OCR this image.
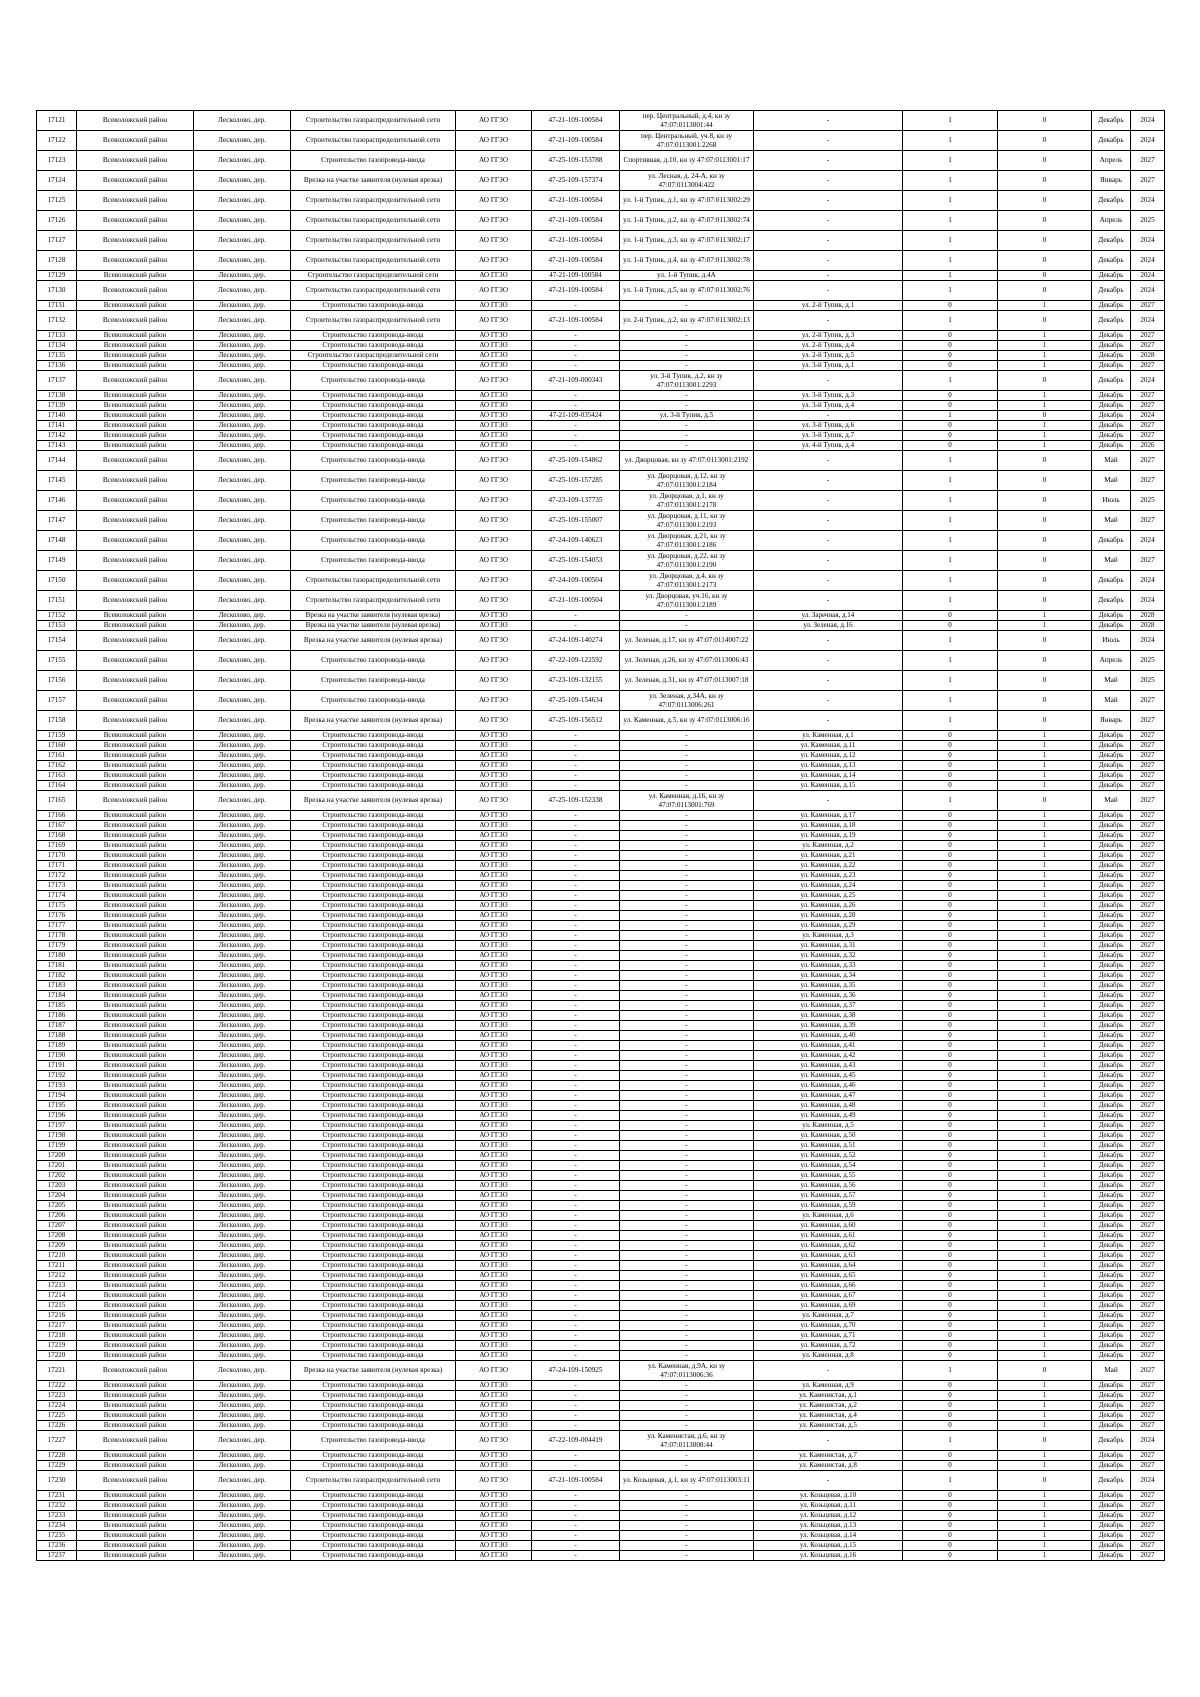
17121	Всеволожский район	Лесколово, дер.	Строительство газораспределительной сети	АО ГГЗО	47-21-109-100584	пер. Центральный, д.4, кн зу 47:07:0113001:44	-	1	0	Декабрь	2024
17122	Всеволожский район	Лесколово, дер.	Строительство газораспределительной сети	АО ГГЗО	47-21-109-100584	пер. Центральный, уч.8, кн зу 47:07:0113001:2268	-	1	0	Декабрь	2024
17123	Всеволожский район	Лесколово, дер.	Строительство газопровода-ввода	АО ГГЗО	47-25-109-153788	Спортивная, д.10, кн зу 47:07:0113001:17	-	1	0	Апрель	2027
17124	Всеволожский район	Лесколово, дер.	Врезка на участке заявителя (нулевая врезка)	АО ГГЗО	47-25-109-157374	ул. Лесная, д. 24-А, кн зу 47:07:0113004:422	-	1	0	Январь	2027
17125	Всеволожский район	Лесколово, дер.	Строительство газораспределительной сети	АО ГГЗО	47-21-109-100584	ул. 1-й Тупик, д.1, кн зу 47:07:0113002:29	-	1	0	Декабрь	2024
17126	Всеволожский район	Лесколово, дер.	Строительство газораспределительной сети	АО ГГЗО	47-21-109-100584	ул. 1-й Тупик, д.2, кн зу 47:07:0113002:74	-	1	0	Апрель	2025
17127	Всеволожский район	Лесколово, дер.	Строительство газораспределительной сети	АО ГГЗО	47-21-109-100584	ул. 1-й Тупик, д.3, кн зу 47:07:0113002:17	-	1	0	Декабрь	2024
17128	Всеволожский район	Лесколово, дер.	Строительство газораспределительной сети	АО ГГЗО	47-21-109-100584	ул. 1-й Тупик, д.4, кн зу 47:07:0113002:78	-	1	0	Декабрь	2024
17129	Всеволожский район	Лесколово, дер.	Строительство газораспределительной сети	АО ГГЗО	47-21-109-100584	ул. 1-й Тупик, д.4А	-	1	0	Декабрь	2024
17130	Всеволожский район	Лесколово, дер.	Строительство газораспределительной сети	АО ГГЗО	47-21-109-100584	ул. 1-й Тупик, д.5, кн зу 47:07:0113002:76	-	1	0	Декабрь	2024
17131	Всеволожский район	Лесколово, дер.	Строительство газопровода-ввода	АО ГГЗО	-	-	ул. 2-й Тупик, д.1	0	1	Декабрь	2027
17132	Всеволожский район	Лесколово, дер.	Строительство газораспределительной сети	АО ГГЗО	47-21-109-100584	ул. 2-й Тупик, д.2, кн зу 47:07:0113002:13	-	1	0	Декабрь	2024
17133	Всеволожский район	Лесколово, дер.	Строительство газопровода-ввода	АО ГГЗО	-	-	ул. 2-й Тупик, д.3	0	1	Декабрь	2027
17134	Всеволожский район	Лесколово, дер.	Строительство газопровода-ввода	АО ГГЗО	-	-	ул. 2-й Тупик, д.4	0	1	Декабрь	2027
17135	Всеволожский район	Лесколово, дер.	Строительство газораспределительной сети	АО ГГЗО	-	-	ул. 2-й Тупик, д.5	0	1	Декабрь	2028
17136	Всеволожский район	Лесколово, дер.	Строительство газопровода-ввода	АО ГГЗО	-	-	ул. 3-й Тупик, д.1	0	1	Декабрь	2027
17137	Всеволожский район	Лесколово, дер.	Строительство газопровода-ввода	АО ГГЗО	47-21-109-000343	ул. 3-й Тупик, д.2, кн зу 47:07:0113001:2293	-	1	0	Декабрь	2024
17138	Всеволожский район	Лесколово, дер.	Строительство газопровода-ввода	АО ГГЗО	-	-	ул. 3-й Тупик, д.3	0	1	Декабрь	2027
17139	Всеволожский район	Лесколово, дер.	Строительство газопровода-ввода	АО ГГЗО	-	-	ул. 3-й Тупик, д.4	0	1	Декабрь	2027
17140	Всеволожский район	Лесколово, дер.	Строительство газопровода-ввода	АО ГГЗО	47-21-109-035424	ул. 3-й Тупик, д.5	-	1	0	Декабрь	2024
17141	Всеволожский район	Лесколово, дер.	Строительство газопровода-ввода	АО ГГЗО	-	-	ул. 3-й Тупик, д.6	0	1	Декабрь	2027
17142	Всеволожский район	Лесколово, дер.	Строительство газопровода-ввода	АО ГГЗО	-	-	ул. 3-й Тупик, д.7	0	1	Декабрь	2027
17143	Всеволожский район	Лесколово, дер.	Строительство газопровода-ввода	АО ГГЗО	-	-	ул. 4-й Тупик, д.4	0	1	Декабрь	2026
17144	Всеволожский район	Лесколово, дер.	Строительство газопровода-ввода	АО ГГЗО	47-25-109-154862	ул. Дворцовая, кн зу 47:07:0113001:2192	-	1	0	Май	2027
17145	Всеволожский район	Лесколово, дер.	Строительство газопровода-ввода	АО ГГЗО	47-25-109-157285	ул. Дворцовая, д.12, кн зу 47:07:0113001:2184	-	1	0	Май	2027
17146	Всеволожский район	Лесколово, дер.	Строительство газопровода-ввода	АО ГГЗО	47-23-109-137735	ул. Дворцовая, д.1, кн зу 47:07:0113001:2178	-	1	0	Июль	2025
17147	Всеволожский район	Лесколово, дер.	Строительство газопровода-ввода	АО ГГЗО	47-25-109-155007	ул. Дворцовая, д.11, кн зу 47:07:0113001:2193	-	1	0	Май	2027
17148	Всеволожский район	Лесколово, дер.	Строительство газопровода-ввода	АО ГГЗО	47-24-109-140623	ул. Дворцовая, д.21, кн зу 47:07:0113001:2186	-	1	0	Декабрь	2024
17149	Всеволожский район	Лесколово, дер.	Строительство газопровода-ввода	АО ГГЗО	47-25-109-154053	ул. Дворцовая, д.22, кн зу 47:07:0113001:2190	-	1	0	Май	2027
17150	Всеволожский район	Лесколово, дер.	Строительство газораспределительной сети	АО ГГЗО	47-24-109-100504	ул. Дворцовая, д.4, кн зу 47:07:0113001:2173	-	1	0	Декабрь	2024
17151	Всеволожский район	Лесколово, дер.	Строительство газораспределительной сети	АО ГГЗО	47-21-109-100504	ул. Дворцовая, уч.16, кн зу 47:07:0113001:2189	-	1	0	Декабрь	2024
17152	Всеволожский район	Лесколово, дер.	Врезка на участке заявителя (нулевая врезка)	АО ГГЗО	-	-	ул. Заречная, д.14	0	1	Декабрь	2028
17153	Всеволожский район	Лесколово, дер.	Врезка на участке заявителя (нулевая врезка)	АО ГГЗО	-	-	ул. Зеленая, д.16	0	1	Декабрь	2028
17154	Всеволожский район	Лесколово, дер.	Врезка на участке заявителя (нулевая врезка)	АО ГГЗО	47-24-109-140274	ул. Зеленая, д.17, кн зу 47:07:0114007:22	-	1	0	Июль	2024
17155	Всеволожский район	Лесколово, дер.	Строительство газопровода-ввода	АО ГГЗО	47-22-109-122592	ул. Зеленая, д.26, кн зу 47:07:0113006:43	-	1	0	Апрель	2025
17156	Всеволожский район	Лесколово, дер.	Строительство газопровода-ввода	АО ГГЗО	47-23-109-132155	ул. Зеленая, д.31, кн зу 47:07:0113007:18	-	1	0	Май	2025
17157	Всеволожский район	Лесколово, дер.	Строительство газопровода-ввода	АО ГГЗО	47-25-109-154634	ул. Зеленая, д.34А, кн зу 47:07:0113006:261	-	1	0	Май	2027
17158	Всеволожский район	Лесколово, дер.	Врезка на участке заявителя (нулевая врезка)	АО ГГЗО	47-25-109-156512	ул. Каменная, д.5, кн зу 47:07:0113006:16	-	1	0	Январь	2027
17159	Всеволожский район	Лесколово, дер.	Строительство газопровода-ввода	АО ГГЗО	-	-	ул. Каменная, д.1	0	1	Декабрь	2027
17160	Всеволожский район	Лесколово, дер.	Строительство газопровода-ввода	АО ГГЗО	-	-	ул. Каменная, д.11	0	1	Декабрь	2027
17161	Всеволожский район	Лесколово, дер.	Строительство газопровода-ввода	АО ГГЗО	-	-	ул. Каменная, д.12	0	1	Декабрь	2027
17162	Всеволожский район	Лесколово, дер.	Строительство газопровода-ввода	АО ГГЗО	-	-	ул. Каменная, д.13	0	1	Декабрь	2027
17163	Всеволожский район	Лесколово, дер.	Строительство газопровода-ввода	АО ГГЗО	-	-	ул. Каменная, д.14	0	1	Декабрь	2027
17164	Всеволожский район	Лесколово, дер.	Строительство газопровода-ввода	АО ГГЗО	-	-	ул. Каменная, д.15	0	1	Декабрь	2027
17165	Всеволожский район	Лесколово, дер.	Врезка на участке заявителя (нулевая врезка)	АО ГГЗО	47-25-109-152338	ул. Каменная, д.16, кн зу 47:07:0113001:769	-	1	0	Май	2027
17166	Всеволожский район	Лесколово, дер.	Строительство газопровода-ввода	АО ГГЗО	-	-	ул. Каменная, д.17	0	1	Декабрь	2027
17167	Всеволожский район	Лесколово, дер.	Строительство газопровода-ввода	АО ГГЗО	-	-	ул. Каменная, д.18	0	1	Декабрь	2027
17168	Всеволожский район	Лесколово, дер.	Строительство газопровода-ввода	АО ГГЗО	-	-	ул. Каменная, д.19	0	1	Декабрь	2027
17169	Всеволожский район	Лесколово, дер.	Строительство газопровода-ввода	АО ГГЗО	-	-	ул. Каменная, д.2	0	1	Декабрь	2027
17170	Всеволожский район	Лесколово, дер.	Строительство газопровода-ввода	АО ГГЗО	-	-	ул. Каменная, д.21	0	1	Декабрь	2027
17171	Всеволожский район	Лесколово, дер.	Строительство газопровода-ввода	АО ГГЗО	-	-	ул. Каменная, д.22	0	1	Декабрь	2027
17172	Всеволожский район	Лесколово, дер.	Строительство газопровода-ввода	АО ГГЗО	-	-	ул. Каменная, д.23	0	1	Декабрь	2027
17173	Всеволожский район	Лесколово, дер.	Строительство газопровода-ввода	АО ГГЗО	-	-	ул. Каменная, д.24	0	1	Декабрь	2027
17174	Всеволожский район	Лесколово, дер.	Строительство газопровода-ввода	АО ГГЗО	-	-	ул. Каменная, д.25	0	1	Декабрь	2027
17175	Всеволожский район	Лесколово, дер.	Строительство газопровода-ввода	АО ГГЗО	-	-	ул. Каменная, д.26	0	1	Декабрь	2027
17176	Всеволожский район	Лесколово, дер.	Строительство газопровода-ввода	АО ГГЗО	-	-	ул. Каменная, д.28	0	1	Декабрь	2027
17177	Всеволожский район	Лесколово, дер.	Строительство газопровода-ввода	АО ГГЗО	-	-	ул. Каменная, д.29	0	1	Декабрь	2027
17178	Всеволожский район	Лесколово, дер.	Строительство газопровода-ввода	АО ГГЗО	-	-	ул. Каменная, д.3	0	1	Декабрь	2027
17179	Всеволожский район	Лесколово, дер.	Строительство газопровода-ввода	АО ГГЗО	-	-	ул. Каменная, д.31	0	1	Декабрь	2027
17180	Всеволожский район	Лесколово, дер.	Строительство газопровода-ввода	АО ГГЗО	-	-	ул. Каменная, д.32	0	1	Декабрь	2027
17181	Всеволожский район	Лесколово, дер.	Строительство газопровода-ввода	АО ГГЗО	-	-	ул. Каменная, д.33	0	1	Декабрь	2027
17182	Всеволожский район	Лесколово, дер.	Строительство газопровода-ввода	АО ГГЗО	-	-	ул. Каменная, д.34	0	1	Декабрь	2027
17183	Всеволожский район	Лесколово, дер.	Строительство газопровода-ввода	АО ГГЗО	-	-	ул. Каменная, д.35	0	1	Декабрь	2027
17184	Всеволожский район	Лесколово, дер.	Строительство газопровода-ввода	АО ГГЗО	-	-	ул. Каменная, д.36	0	1	Декабрь	2027
17185	Всеволожский район	Лесколово, дер.	Строительство газопровода-ввода	АО ГГЗО	-	-	ул. Каменная, д.37	0	1	Декабрь	2027
17186	Всеволожский район	Лесколово, дер.	Строительство газопровода-ввода	АО ГГЗО	-	-	ул. Каменная, д.38	0	1	Декабрь	2027
17187	Всеволожский район	Лесколово, дер.	Строительство газопровода-ввода	АО ГГЗО	-	-	ул. Каменная, д.39	0	1	Декабрь	2027
17188	Всеволожский район	Лесколово, дер.	Строительство газопровода-ввода	АО ГГЗО	-	-	ул. Каменная, д.40	0	1	Декабрь	2027
17189	Всеволожский район	Лесколово, дер.	Строительство газопровода-ввода	АО ГГЗО	-	-	ул. Каменная, д.41	0	1	Декабрь	2027
17190	Всеволожский район	Лесколово, дер.	Строительство газопровода-ввода	АО ГГЗО	-	-	ул. Каменная, д.42	0	1	Декабрь	2027
17191	Всеволожский район	Лесколово, дер.	Строительство газопровода-ввода	АО ГГЗО	-	-	ул. Каменная, д.43	0	1	Декабрь	2027
17192	Всеволожский район	Лесколово, дер.	Строительство газопровода-ввода	АО ГГЗО	-	-	ул. Каменная, д.45	0	1	Декабрь	2027
17193	Всеволожский район	Лесколово, дер.	Строительство газопровода-ввода	АО ГГЗО	-	-	ул. Каменная, д.46	0	1	Декабрь	2027
17194	Всеволожский район	Лесколово, дер.	Строительство газопровода-ввода	АО ГГЗО	-	-	ул. Каменная, д.47	0	1	Декабрь	2027
17195	Всеволожский район	Лесколово, дер.	Строительство газопровода-ввода	АО ГГЗО	-	-	ул. Каменная, д.48	0	1	Декабрь	2027
17196	Всеволожский район	Лесколово, дер.	Строительство газопровода-ввода	АО ГГЗО	-	-	ул. Каменная, д.49	0	1	Декабрь	2027
17197	Всеволожский район	Лесколово, дер.	Строительство газопровода-ввода	АО ГГЗО	-	-	ул. Каменная, д.5	0	1	Декабрь	2027
17198	Всеволожский район	Лесколово, дер.	Строительство газопровода-ввода	АО ГГЗО	-	-	ул. Каменная, д.50	0	1	Декабрь	2027
17199	Всеволожский район	Лесколово, дер.	Строительство газопровода-ввода	АО ГГЗО	-	-	ул. Каменная, д.51	0	1	Декабрь	2027
17200	Всеволожский район	Лесколово, дер.	Строительство газопровода-ввода	АО ГГЗО	-	-	ул. Каменная, д.52	0	1	Декабрь	2027
17201	Всеволожский район	Лесколово, дер.	Строительство газопровода-ввода	АО ГГЗО	-	-	ул. Каменная, д.54	0	1	Декабрь	2027
17202	Всеволожский район	Лесколово, дер.	Строительство газопровода-ввода	АО ГГЗО	-	-	ул. Каменная, д.55	0	1	Декабрь	2027
17203	Всеволожский район	Лесколово, дер.	Строительство газопровода-ввода	АО ГГЗО	-	-	ул. Каменная, д.56	0	1	Декабрь	2027
17204	Всеволожский район	Лесколово, дер.	Строительство газопровода-ввода	АО ГГЗО	-	-	ул. Каменная, д.57	0	1	Декабрь	2027
17205	Всеволожский район	Лесколово, дер.	Строительство газопровода-ввода	АО ГГЗО	-	-	ул. Каменная, д.59	0	1	Декабрь	2027
17206	Всеволожский район	Лесколово, дер.	Строительство газопровода-ввода	АО ГГЗО	-	-	ул. Каменная, д.6	0	1	Декабрь	2027
17207	Всеволожский район	Лесколово, дер.	Строительство газопровода-ввода	АО ГГЗО	-	-	ул. Каменная, д.60	0	1	Декабрь	2027
17208	Всеволожский район	Лесколово, дер.	Строительство газопровода-ввода	АО ГГЗО	-	-	ул. Каменная, д.61	0	1	Декабрь	2027
17209	Всеволожский район	Лесколово, дер.	Строительство газопровода-ввода	АО ГГЗО	-	-	ул. Каменная, д.62	0	1	Декабрь	2027
17210	Всеволожский район	Лесколово, дер.	Строительство газопровода-ввода	АО ГГЗО	-	-	ул. Каменная, д.63	0	1	Декабрь	2027
17211	Всеволожский район	Лесколово, дер.	Строительство газопровода-ввода	АО ГГЗО	-	-	ул. Каменная, д.64	0	1	Декабрь	2027
17212	Всеволожский район	Лесколово, дер.	Строительство газопровода-ввода	АО ГГЗО	-	-	ул. Каменная, д.65	0	1	Декабрь	2027
17213	Всеволожский район	Лесколово, дер.	Строительство газопровода-ввода	АО ГГЗО	-	-	ул. Каменная, д.66	0	1	Декабрь	2027
17214	Всеволожский район	Лесколово, дер.	Строительство газопровода-ввода	АО ГГЗО	-	-	ул. Каменная, д.67	0	1	Декабрь	2027
17215	Всеволожский район	Лесколово, дер.	Строительство газопровода-ввода	АО ГГЗО	-	-	ул. Каменная, д.69	0	1	Декабрь	2027
17216	Всеволожский район	Лесколово, дер.	Строительство газопровода-ввода	АО ГГЗО	-	-	ул. Каменная, д.7	0	1	Декабрь	2027
17217	Всеволожский район	Лесколово, дер.	Строительство газопровода-ввода	АО ГГЗО	-	-	ул. Каменная, д.70	0	1	Декабрь	2027
17218	Всеволожский район	Лесколово, дер.	Строительство газопровода-ввода	АО ГГЗО	-	-	ул. Каменная, д.71	0	1	Декабрь	2027
17219	Всеволожский район	Лесколово, дер.	Строительство газопровода-ввода	АО ГГЗО	-	-	ул. Каменная, д.72	0	1	Декабрь	2027
17220	Всеволожский район	Лесколово, дер.	Строительство газопровода-ввода	АО ГГЗО	-	-	ул. Каменная, д.8	0	1	Декабрь	2027
17221	Всеволожский район	Лесколово, дер.	Врезка на участке заявителя (нулевая врезка)	АО ГГЗО	47-24-109-150925	ул. Каменная, д.9А, кн зу 47:07:0113006:36	-	1	0	Май	2027
17222	Всеволожский район	Лесколово, дер.	Строительство газопровода-ввода	АО ГГЗО	-	-	ул. Каменная, д.9	0	1	Декабрь	2027
17223	Всеволожский район	Лесколово, дер.	Строительство газопровода-ввода	АО ГГЗО	-	-	ул. Каменистая, д.1	0	1	Декабрь	2027
17224	Всеволожский район	Лесколово, дер.	Строительство газопровода-ввода	АО ГГЗО	-	-	ул. Каменистая, д.2	0	1	Декабрь	2027
17225	Всеволожский район	Лесколово, дер.	Строительство газопровода-ввода	АО ГГЗО	-	-	ул. Каменистая, д.4	0	1	Декабрь	2027
17226	Всеволожский район	Лесколово, дер.	Строительство газопровода-ввода	АО ГГЗО	-	-	ул. Каменистая, д.5	0	1	Декабрь	2027
17227	Всеволожский район	Лесколово, дер.	Строительство газопровода-ввода	АО ГГЗО	47-22-109-004419	ул. Каменистая, д.6, кн зу 47:07:0113008:44	-	1	0	Декабрь	2024
17228	Всеволожский район	Лесколово, дер.	Строительство газопровода-ввода	АО ГГЗО	-	-	ул. Каменистая, д.7	0	1	Декабрь	2027
17229	Всеволожский район	Лесколово, дер.	Строительство газопровода-ввода	АО ГГЗО	-	-	ул. Каменистая, д.8	0	1	Декабрь	2027
17230	Всеволожский район	Лесколово, дер.	Строительство газораспределительной сети	АО ГГЗО	47-21-109-100584	ул. Козьцевая, д.1, кн зу 47:07:0113003:11	-	1	0	Декабрь	2024
17231	Всеволожский район	Лесколово, дер.	Строительство газопровода-ввода	АО ГГЗО	-	-	ул. Козьцевая, д.10	0	1	Декабрь	2027
17232	Всеволожский район	Лесколово, дер.	Строительство газопровода-ввода	АО ГГЗО	-	-	ул. Козьцевая, д.11	0	1	Декабрь	2027
17233	Всеволожский район	Лесколово, дер.	Строительство газопровода-ввода	АО ГГЗО	-	-	ул. Козьцевая, д.12	0	1	Декабрь	2027
17234	Всеволожский район	Лесколово, дер.	Строительство газопровода-ввода	АО ГГЗО	-	-	ул. Козьцевая, д.13	0	1	Декабрь	2027
17235	Всеволожский район	Лесколово, дер.	Строительство газопровода-ввода	АО ГГЗО	-	-	ул. Козьцевая, д.14	0	1	Декабрь	2027
17236	Всеволожский район	Лесколово, дер.	Строительство газопровода-ввода	АО ГГЗО	-	-	ул. Козьцевая, д.15	0	1	Декабрь	2027
17237	Всеволожский район	Лесколово, дер.	Строительство газопровода-ввода	АО ГГЗО	-	-	ул. Козьцевая, д.16	0	1	Декабрь	2027
